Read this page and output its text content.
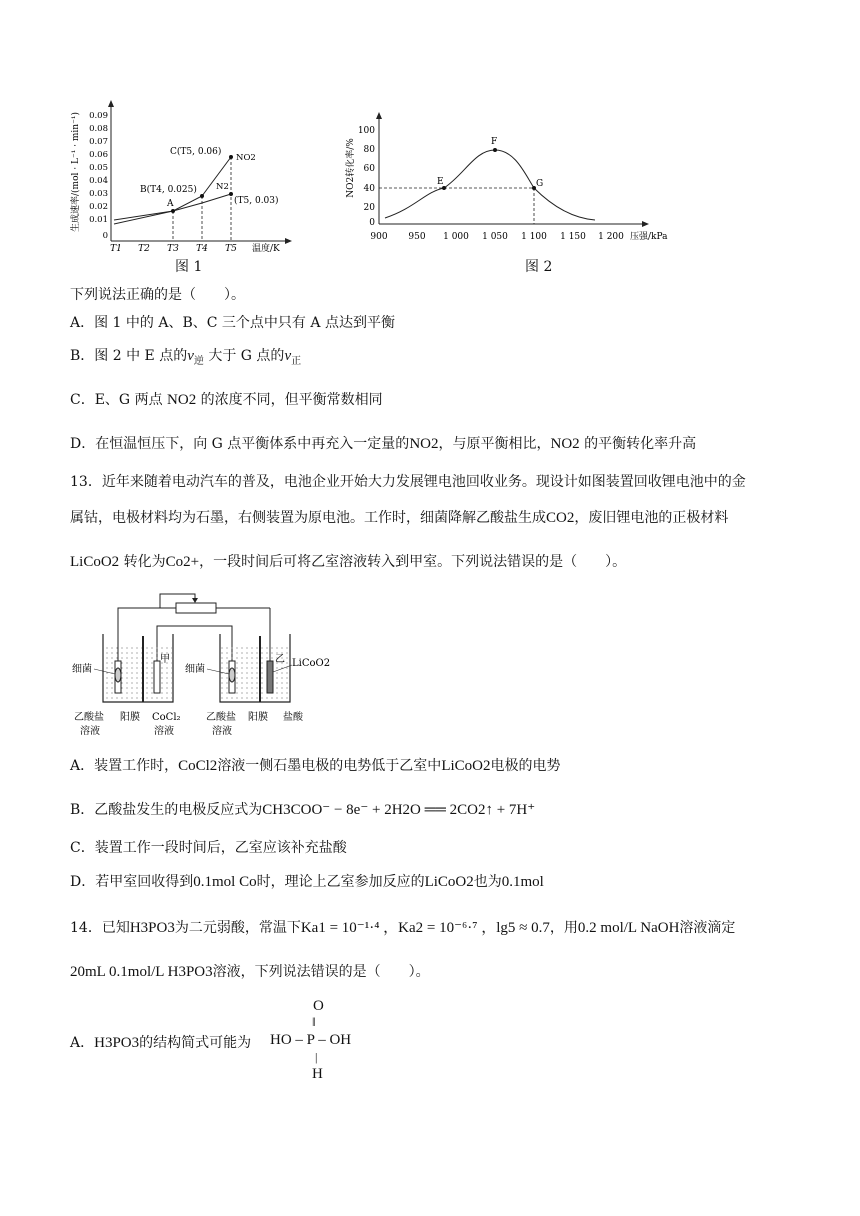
生成速率/(mol · L⁻¹ · min⁻¹) 0.09
0.08
0.07
0.06
0.05
0.04
0.03
0.02
0.01
0
T1 T2 T3 T4 T5 温度/K
C(T5, 0.06)
NO2
N2
B(T4, 0.025)
A	(T5, 0.03)
图 1
NO2转化率/%
100
80
60
40
20
0
900 950 1 000 1 050 1 100 1 150 1 200 压强/kPa
E
F
G
图 2
下列说法正确的是（　　）。
A．图 1 中的 A、B、C 三个点中只有 A 点达到平衡
B．图 2 中 E 点的$v_逆$ 大于 G 点的$v_正$
C．E、G 两点 NO2 的浓度不同，但平衡常数相同
D．在恒温恒压下，向 G 点平衡体系中再充入一定量的NO2，与原平衡相比，NO2 的平衡转化率升高
13．近年来随着电动汽车的普及，电池企业开始大力发展锂电池回收业务。现设计如图装置回收锂电池中的金
属钴，电极材料均为石墨，右侧装置为原电池。工作时，细菌降解乙酸盐生成CO2，废旧锂电池的正极材料
LiCoO2 转化为Co2+，一段时间后可将乙室溶液转入到甲室。下列说法错误的是（　　）。
细菌
甲
细菌
乙 LiCoO2
乙酸盐
溶液
阳膜 CoCl₂
溶液
乙酸盐
溶液
阳膜 盐酸
A．装置工作时，CoCl2溶液一侧石墨电极的电势低于乙室中LiCoO2电极的电势
B．乙酸盐发生的电极反应式为CH3COO⁻ − 8e⁻ + 2H2O ══ 2CO2↑ + 7H⁺
C．装置工作一段时间后，乙室应该补充盐酸
D．若甲室回收得到0.1mol Co时，理论上乙室参加反应的LiCoO2也为0.1mol
14．已知H3PO3为二元弱酸，常温下Ka1 = 10⁻¹·⁴ ，Ka2 = 10⁻⁶·⁷ ，lg5 ≈ 0.7，用0.2 mol/L NaOH溶液滴定
20mL 0.1mol/L H3PO3溶液，下列说法错误的是（　　）。
A．H3PO3的结构简式可能为
O
‖
HO – P – OH
|
H
